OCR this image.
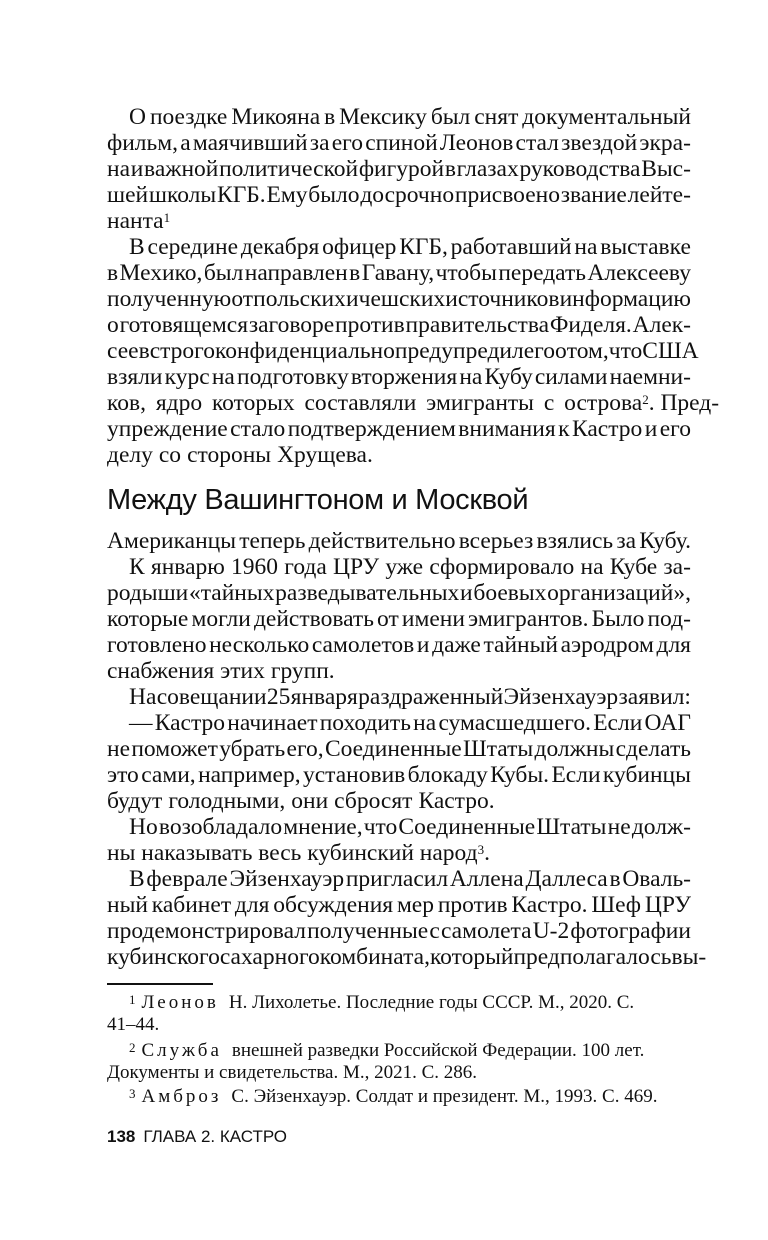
О поездке Микояна в Мексику был снят документальный
фильм, а маячивший за его спиной Леонов стал звездой экра-
на и важной политической фигурой в глазах руководства Выс-
шей школы КГБ. Ему было досрочно присвоено звание лейте-
нанта$^1$
В середине декабря офицер КГБ, работавший на выставке
в Мехико, был направлен в Гавану, чтобы передать Алексееву
полученную от польских и чешских источников информацию
о готовящемся заговоре против правительства Фиделя. Алек-
сеев строго конфиденциально предупредил его о том, что США
взяли курс на подготовку вторжения на Кубу силами наемни-
ков, ядро которых составляли эмигранты с острова$^2$ . Пред-
упреждение стало подтверждением внимания к Кастро и его
делу со стороны Хрущева.
Между Вашингтоном и Москвой
Американцы теперь действительно всерьез взялись за Кубу.
К январю 1960 года ЦРУ уже сформировало на Кубе за-
родыши «тайных разведывательных и боевых организаций»,
которые могли действовать от имени эмигрантов. Было под-
готовлено несколько самолетов и даже тайный аэродром для
снабжения этих групп.
На совещании 25 января раздраженный Эйзенхауэр заявил:
— Кастро начинает походить на сумасшедшего. Если ОАГ
не поможет убрать его, Соединенные Штаты должны сделать
это сами, например, установив блокаду Кубы. Если кубинцы
будут голодными, они сбросят Кастро.
Но возобладало мнение, что Соединенные Штаты не долж-
ны наказывать весь кубинский народ$^3$ .
В феврале Эйзенхауэр пригласил Аллена Даллеса в Оваль-
ный кабинет для обсуждения мер против Кастро. Шеф ЦРУ
продемонстрировал полученные с самолета U-2 фотографии
кубинского сахарного комбината, который предполагалось вы-
$^1$ Леонов Н. Лихолетье. Последние годы СССР. М., 2020. С.
41–44.
$^2$ Служба внешней разведки Российской Федерации. 100 лет.
Документы и свидетельства. М., 2021. С. 286.
$^3$ Амброз С. Эйзенхауэр. Солдат и президент. М., 1993. С. 469.
138 ГЛАВА 2. КАСТРО
